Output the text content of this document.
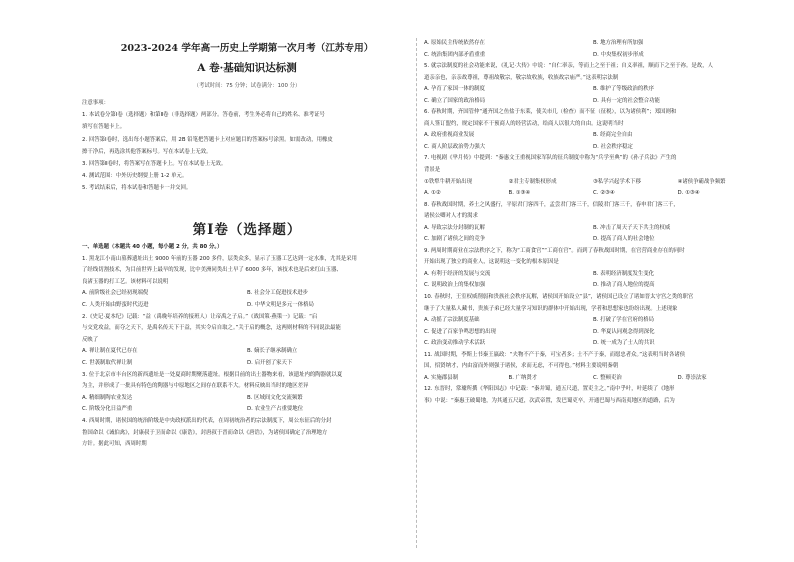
2023-2024 学年高一历史上学期第一次月考（江苏专用）
A 卷·基础知识达标测
（考试时间：75 分钟；试卷满分：100 分）

注意事项：

1. 本试卷分第Ⅰ卷（选择题）和第Ⅱ卷（非选择题）两部分。答卷前，考生务必将自己的姓名、准考证号

填写在答题卡上。

2. 回答第Ⅰ卷时，选出每小题答案后，用 2B 铅笔把答题卡上对应题目的答案标号涂黑。如需改动，用橡皮

擦干净后，再选涂其他答案标号。写在本试卷上无效。

3. 回答第Ⅱ卷时，将答案写在答题卡上。写在本试卷上无效。

4. 测试范围：中外历史纲要上册 1-2 单元。

5. 考试结束后，将本试卷和答题卡一并交回。

第Ⅰ卷（选择题）

一、单选题（本题共 40 小题，每小题 2 分，共 80 分。）

1. 黑龙江小南山墓葬遗址出土 9000 年前的玉器 200 多件，层类众多，显示了玉器工艺达到一定水准，尤其是采用

了经线切割技术，为目前世界上最早的发现，比中美洲同类出土早了 6000 多年，该技术也是后来红山玉器、

良渚玉器的打工艺。该材料可以说明

A. 前阶级社会已经初现端倪	B. 社会分工促进技术进步

C. 人类开始由野蛮时代迈进	D. 中华文明是多元一体格局

2.《史记·夏本纪》记载：“益（禹晚年培养的接班人）让帝禹之子启。”《战国策·燕策一》记载：“启

与交党攻益，而夺之天下，是禹名传天下于益，其实令启自取之。”关于启的概念，这两则材料的不同说法最能

反映了

A. 禅让制在夏代已存在	B. 嫡长子继承制确立

C. 世袭制取代禅让制	D. 启开创了家天下

3. 位于北京市丰台区的新西遗址是一处夏商时期聚落遗址。根据目前的出土器物来看，该遗址内的陶器就以夏

为主，并形成了一批具有特色的陶器与中原地区之间存在联系不大。材料反映出当时的地区差异

A. 精细制陶农业发达	B. 区域间文化交流频繁

C. 阶级分化日益严重	D. 农业生产占重要地位

4. 西周时期，诸侯国的统治阶级是中央政权派出的代表，在周初统治者的宗法制度下，周公东征后的分封

鲁国命以《诫伯禽》，封康叔于卫而命以《康诰》，封唐叔于晋而命以《唐诰》，为诸侯国确定了治理地方

方针。据此可知，西周时期

A. 原始民主传统依然存在	B. 地方治理有所加强

C. 统治集团内部矛盾重重	D. 中央集权初步形成

5. 就宗法制度的社会功能来说，《礼记·大传》中说：“自仁率亲，等而上之至于祖；自义率祖，顺而下之至于祢。是故，人

道亲亲也，亲亲故尊祖，尊祖故敬宗，敬宗故收族，收族故宗庙严。”这表明宗法制

A. 孕育了家国一体的制度	B. 维护了等级政治的秩序

C. 确立了国家的政治格局	D. 具有一定的社会整合功能

6. 春秋时期，齐国管仲“通齐国之鱼盐于东莱，使关市几（检查）而不征（征税），以为诸侯利”；郑国则和

商人签订盟约，规定国家不干预商人的经营活动，给商人以很大的自由。这说明当时

A. 政府重视商业发展	B. 经商完全自由

C. 商人阶层政治势力强大	D. 社会秩序稳定

7. 电视剧《芈月传》中提到：“秦惠文王重视国家军队的征兵制度中称为“兵学至典”的《孙子兵法》产生的

背景是

①铁犁牛耕开始出现	②君主专制集权形成	③私学兴起学术下移	④诸侯争霸战争频繁

A. ①②	B. ①③④	C. ②③④	D. ①③④

8. 春秋战国时期，养士之风盛行，平原君门客四千，孟尝君门客三千，信陵君门客三千，春申君门客三千，

诸侯公卿对人才的渴求

A. 导致宗法分封制的瓦解	B. 冲击了周天子天下共主的权威

C. 加剧了诸侯之间的竞争	D. 提高了商人的社会地位

9. 两周时期商业在宗法秩序之下，称为“工商食官”“工商在官”。而到了春秋战国时期，在官营商业存在的同时

开始出现了独立的商业人，这说明这一变化的根本原因是

A. 有利于经济的发展与交流	B. 表明经济制度发生变化

C. 说明政治上的集权加强	D. 推动了商人地位的提高

10. 春秋时，王室权威削弱和贵族社会秩序瓦解，诸侯国开始设立“县”，诸侯国已设立了诸如晋太守宫之类的职官

继于了大量私人藏书，贵族子弟已经大量学习知识的群体中开始出现，学者和思想家也纷纷出现。上述现象

A. 动摇了宗法制度基础	B. 打破了学在官府的格局

C. 促进了百家争鸣思想的出现	D. 华夏认同观念得到深化

C. 政治变动推动学术活跃	D. 统一成为了士人的共识

11. 战国时期，李斯上书秦王嬴政：“夫物不产于秦，可宝者多；士不产于秦，而愿忠者众。”这表明当时各诸侯

国，招贤纳才，内由富而外则强于诸侯，求而无虑，不可得也。”材料主要说明秦朝

A. 实施郡县制	B. 广纳贤才	C. 整顿吏治	D. 尊崇法家

12. 东晋时，常璩所撰《华阳国志》中记载：“秦并蜀，通五尺道，置吏主之。”南中乎叶，叶延续了《地形

事》中说：“秦惠王破蜀地，为其通五尺道，次武帝置，发巴蜀吏卒，开通巴蜀与西南夷地区的道路，后为
